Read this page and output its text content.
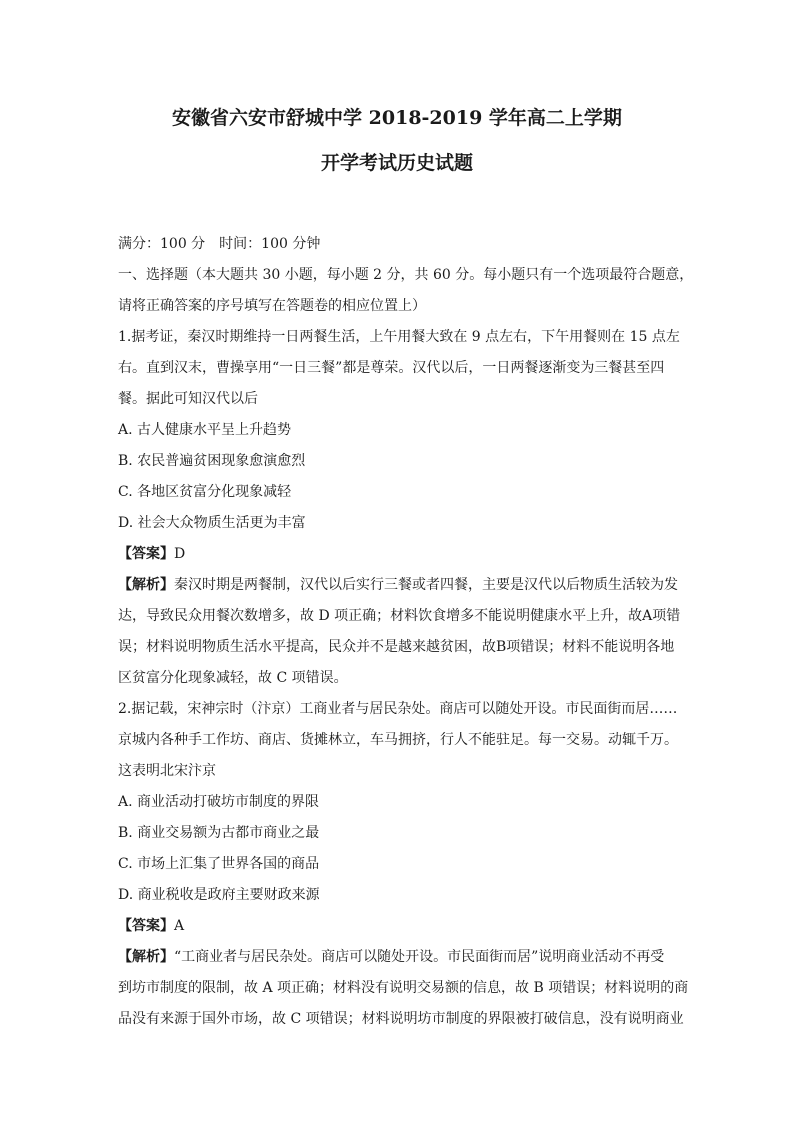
安徽省六安市舒城中学 2018-2019 学年高二上学期
开学考试历史试题

满分：100 分　时间：100 分钟

一、选择题（本大题共 30 小题，每小题 2 分，共 60 分。每小题只有一个选项最符合题意，

请将正确答案的序号填写在答题卷的相应位置上）

1.据考证，秦汉时期维持一日两餐生活，上午用餐大致在 9 点左右，下午用餐则在 15 点左

右。直到汉末，曹操享用“一日三餐”都是尊荣。汉代以后，一日两餐逐渐变为三餐甚至四

餐。据此可知汉代以后

A. 古人健康水平呈上升趋势

B. 农民普遍贫困现象愈演愈烈

C. 各地区贫富分化现象减轻

D. 社会大众物质生活更为丰富

【答案】D

【解析】秦汉时期是两餐制，汉代以后实行三餐或者四餐，主要是汉代以后物质生活较为发

达，导致民众用餐次数增多，故 D 项正确；材料饮食增多不能说明健康水平上升，故A项错

误；材料说明物质生活水平提高，民众并不是越来越贫困，故B项错误；材料不能说明各地

区贫富分化现象减轻，故 C 项错误。

2.据记载，宋神宗时（汴京）工商业者与居民杂处。商店可以随处开设。市民面街而居……

京城内各种手工作坊、商店、货摊林立，车马拥挤，行人不能驻足。每一交易。动辄千万。

这表明北宋汴京

A. 商业活动打破坊市制度的界限

B. 商业交易额为古都市商业之最

C. 市场上汇集了世界各国的商品

D. 商业税收是政府主要财政来源

【答案】A

【解析】“工商业者与居民杂处。商店可以随处开设。市民面街而居”说明商业活动不再受

到坊市制度的限制，故 A 项正确；材料没有说明交易额的信息，故 B 项错误；材料说明的商

品没有来源于国外市场，故 C 项错误；材料说明坊市制度的界限被打破信息，没有说明商业
